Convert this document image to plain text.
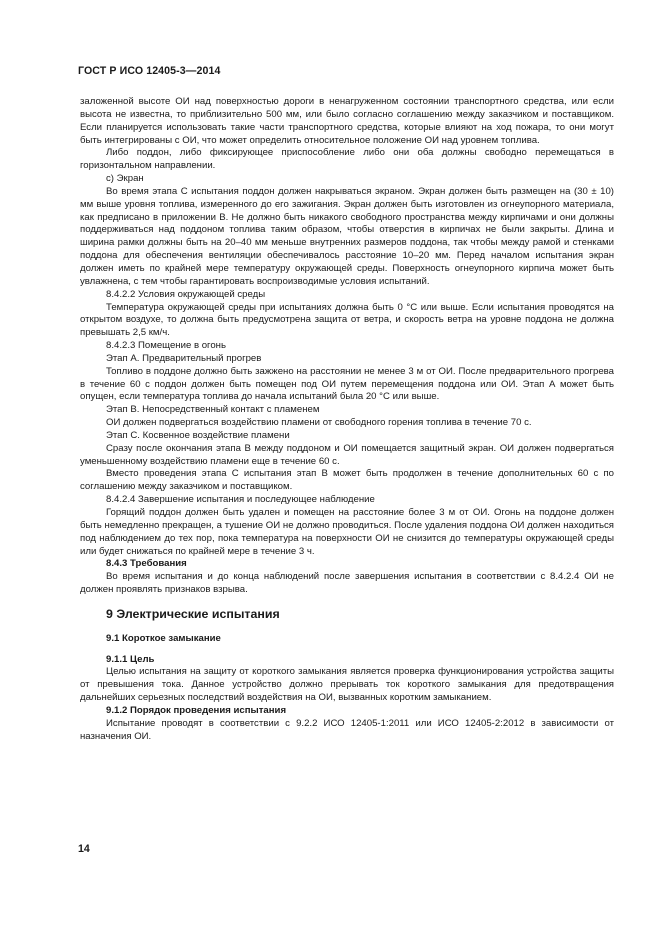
ГОСТ Р ИСО 12405-3—2014

заложенной высоте ОИ над поверхностью дороги в ненагруженном состоянии транспортного средства, или если высота не известна, то приблизительно 500 мм, или было согласно соглашению между заказчиком и поставщиком. Если планируется использовать такие части транспортного средства, которые влияют на ход пожара, то они могут быть интегрированы с ОИ, что может определить относительное положение ОИ над уровнем топлива.

Либо поддон, либо фиксирующее приспособление либо они оба должны свободно перемещаться в горизонтальном направлении.

c) Экран

Во время этапа C испытания поддон должен накрываться экраном. Экран должен быть размещен на (30 ± 10) мм выше уровня топлива, измеренного до его зажигания. Экран должен быть изготовлен из огнеупорного материала, как предписано в приложении B. Не должно быть никакого свободного пространства между кирпичами и они должны поддерживаться над поддоном топлива таким образом, чтобы отверстия в кирпичах не были закрыты. Длина и ширина рамки должны быть на 20–40 мм меньше внутренних размеров поддона, так чтобы между рамой и стенками поддона для обеспечения вентиляции обеспечивалось расстояние 10–20 мм. Перед началом испытания экран должен иметь по крайней мере температуру окружающей среды. Поверхность огнеупорного кирпича может быть увлажнена, с тем чтобы гарантировать воспроизводимые условия испытаний.

8.4.2.2 Условия окружающей среды

Температура окружающей среды при испытаниях должна быть 0 °C или выше. Если испытания проводятся на открытом воздухе, то должна быть предусмотрена защита от ветра, и скорость ветра на уровне поддона не должна превышать 2,5 км/ч.

8.4.2.3 Помещение в огонь

Этап А. Предварительный прогрев

Топливо в поддоне должно быть зажжено на расстоянии не менее 3 м от ОИ. После предварительного прогрева в течение 60 с поддон должен быть помещен под ОИ путем перемещения поддона или ОИ. Этап А может быть опущен, если температура топлива до начала испытаний была 20 °C или выше.

Этап B. Непосредственный контакт с пламенем

ОИ должен подвергаться воздействию пламени от свободного горения топлива в течение 70 с.

Этап С. Косвенное воздействие пламени

Сразу после окончания этапа B между поддоном и ОИ помещается защитный экран. ОИ должен подвергаться уменьшенному воздействию пламени еще в течение 60 с.

Вместо проведения этапа C испытания этап B может быть продолжен в течение дополнительных 60 с по соглашению между заказчиком и поставщиком.

8.4.2.4 Завершение испытания и последующее наблюдение

Горящий поддон должен быть удален и помещен на расстояние более 3 м от ОИ. Огонь на поддоне должен быть немедленно прекращен, а тушение ОИ не должно проводиться. После удаления поддона ОИ должен находиться под наблюдением до тех пор, пока температура на поверхности ОИ не снизится до температуры окружающей среды или будет снижаться по крайней мере в течение 3 ч.

8.4.3 Требования

Во время испытания и до конца наблюдений после завершения испытания в соответствии с 8.4.2.4 ОИ не должен проявлять признаков взрыва.

9 Электрические испытания

9.1 Короткое замыкание

9.1.1 Цель

Целью испытания на защиту от короткого замыкания является проверка функционирования устройства защиты от превышения тока. Данное устройство должно прерывать ток короткого замыкания для предотвращения дальнейших серьезных последствий воздействия на ОИ, вызванных коротким замыканием.

9.1.2 Порядок проведения испытания

Испытание проводят в соответствии с 9.2.2 ИСО 12405-1:2011 или ИСО 12405-2:2012 в зависимости от назначения ОИ.

14
